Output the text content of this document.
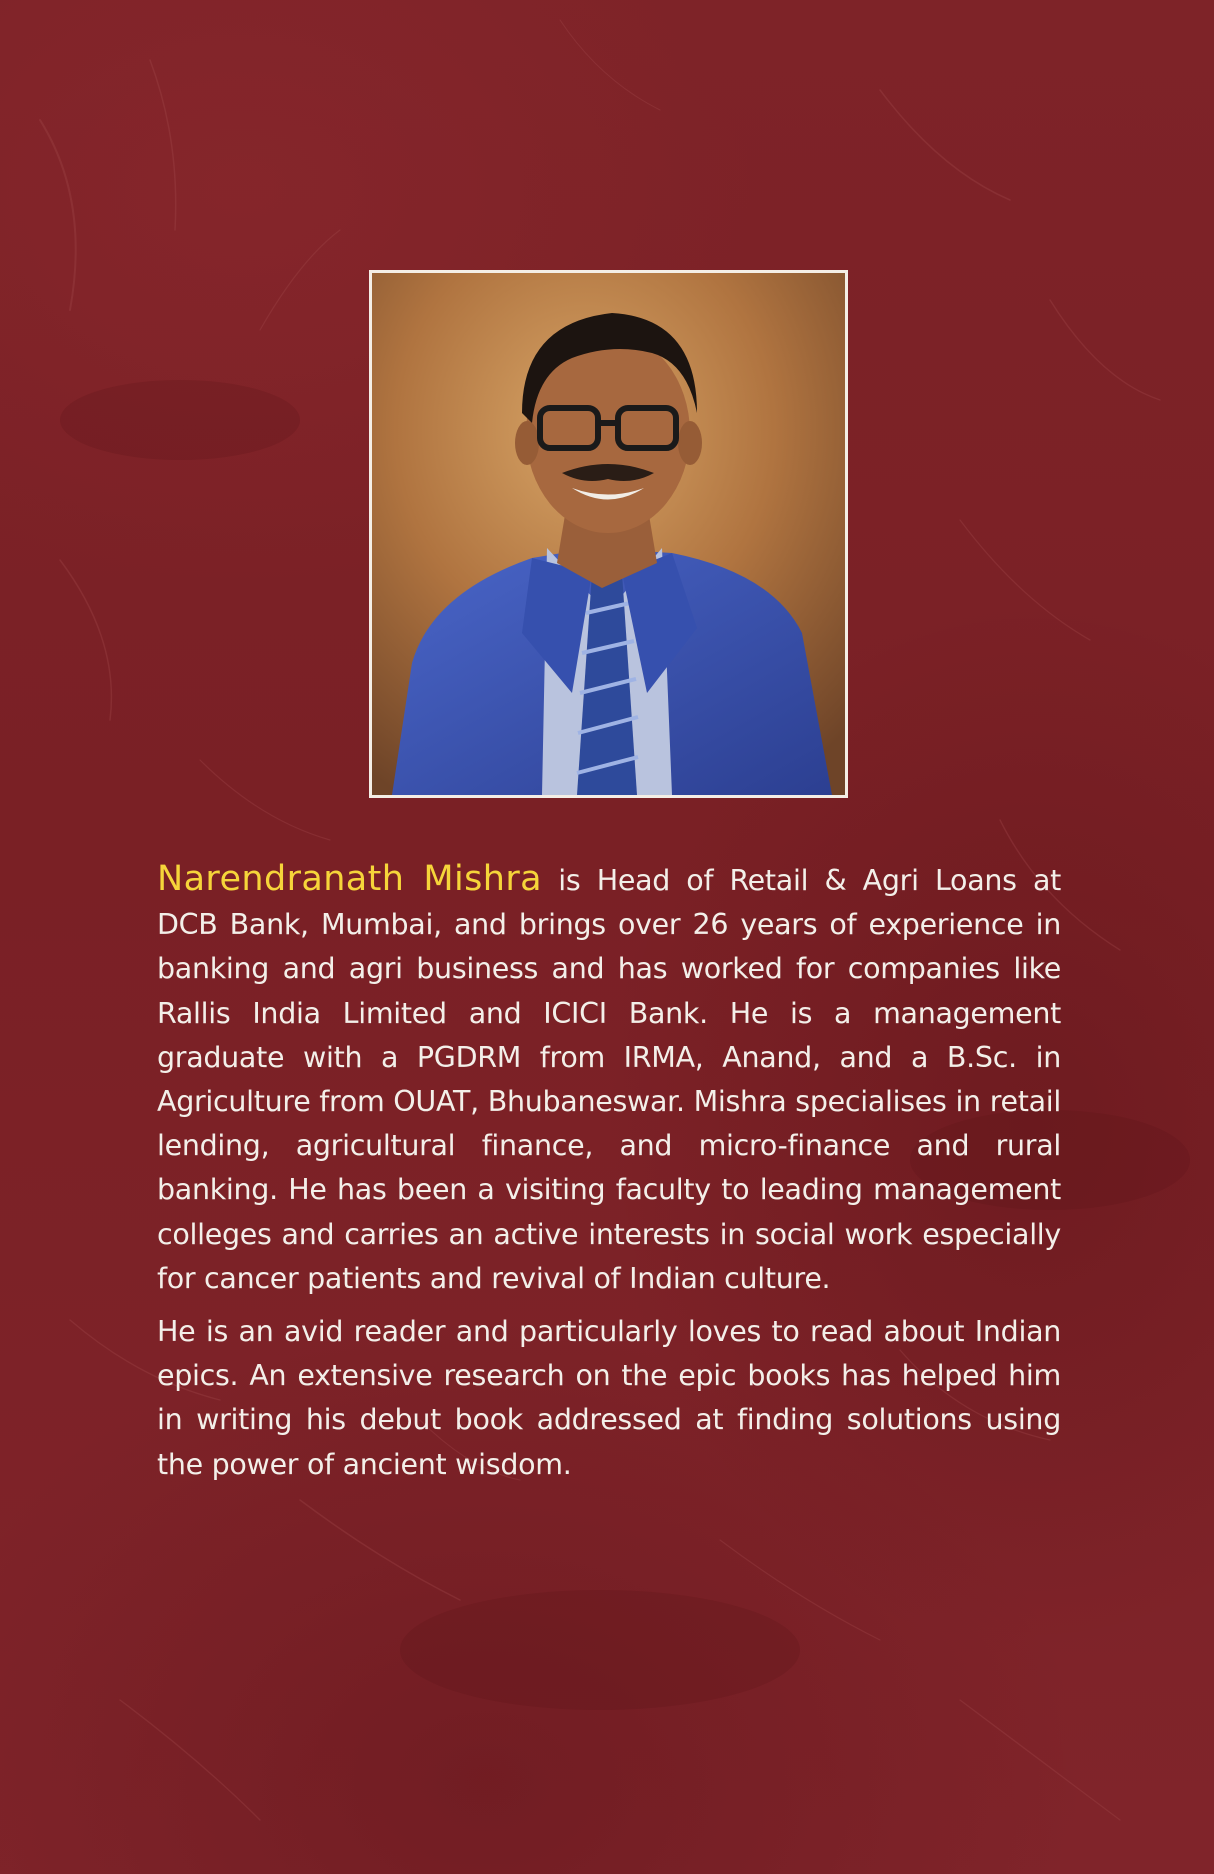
Narendranath Mishra is Head of Retail & Agri Loans at DCB Bank, Mumbai, and brings over 26 years of experience in banking and agri business and has worked for companies like Rallis India Limited and ICICI Bank. He is a management graduate with a PGDRM from IRMA, Anand, and a B.Sc. in Agriculture from OUAT, Bhubaneswar. Mishra specialises in retail lending, agricultural finance, and micro-finance and rural banking. He has been a visiting faculty to leading management colleges and carries an active interests in social work especially for cancer patients and revival of Indian culture.

He is an avid reader and particularly loves to read about Indian epics. An extensive research on the epic books has helped him in writing his debut book addressed at finding solutions using the power of ancient wisdom.
